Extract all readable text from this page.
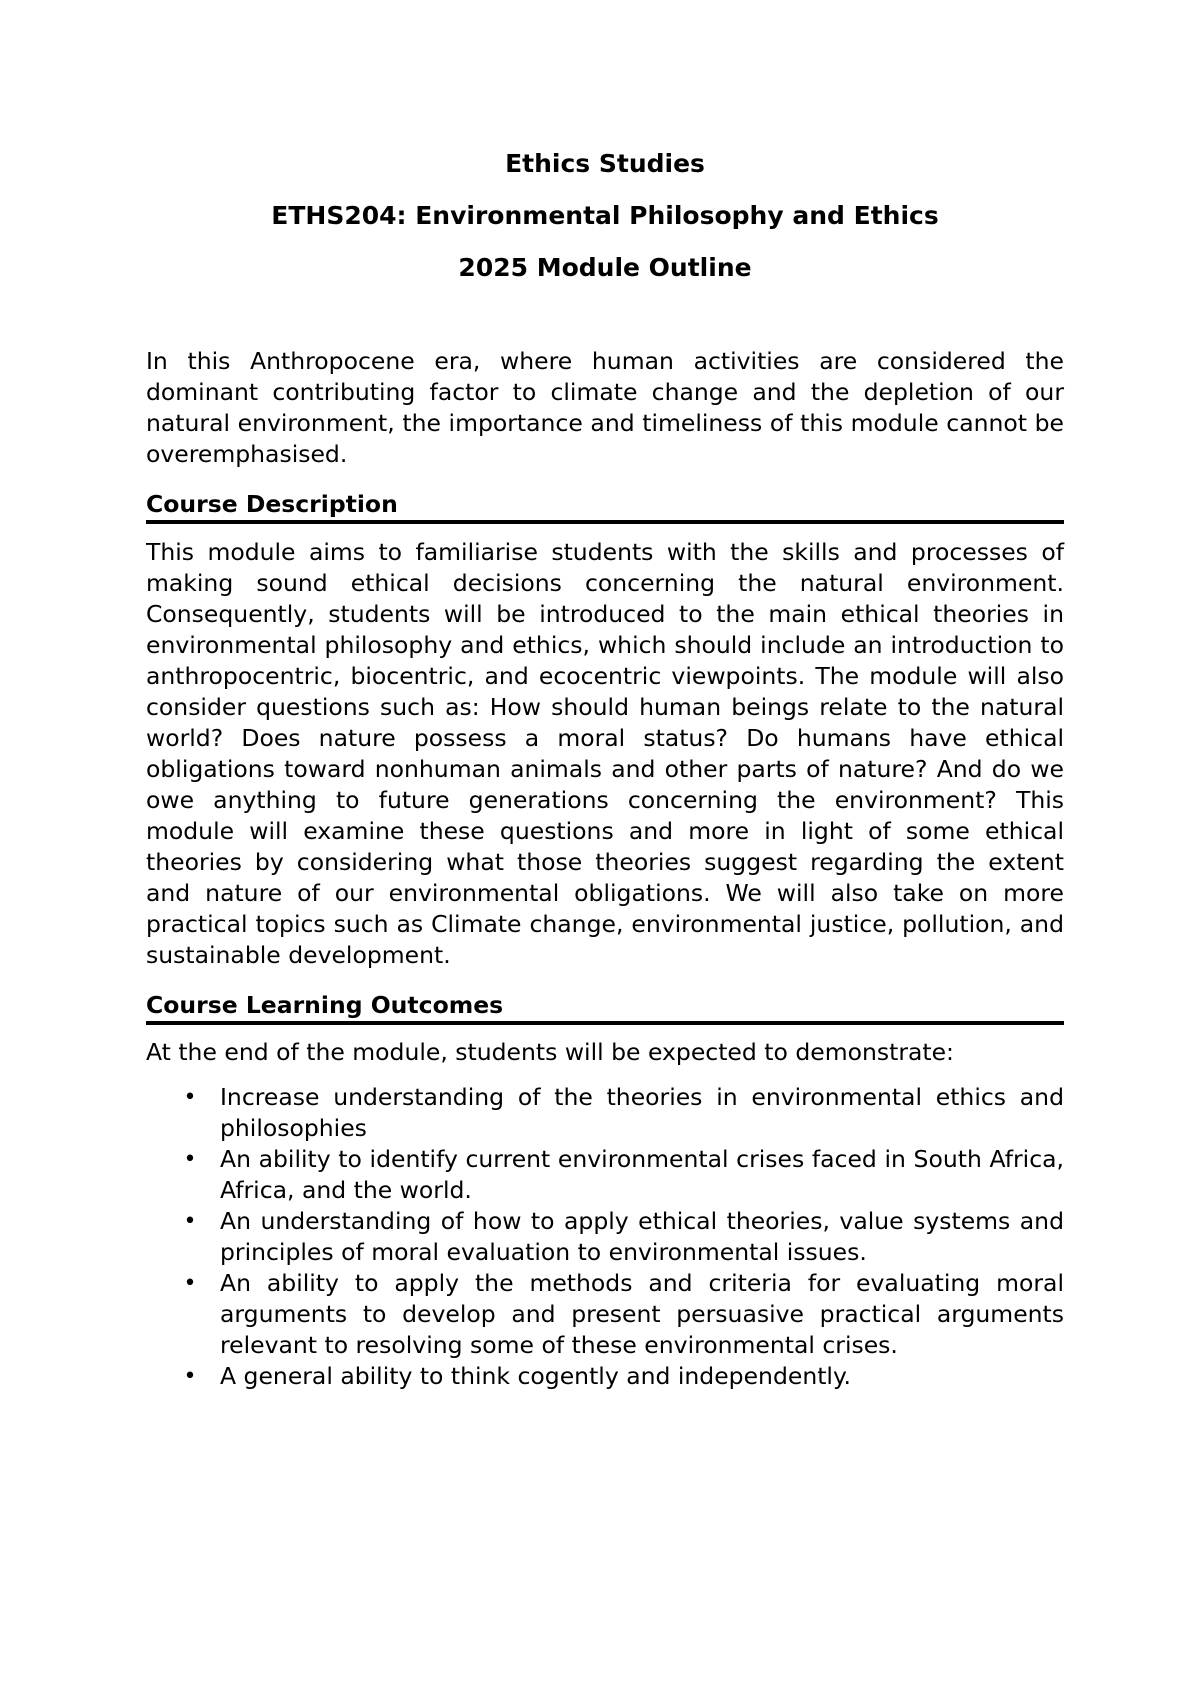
Ethics Studies

ETHS204: Environmental Philosophy and Ethics

2025 Module Outline

In this Anthropocene era, where human activities are considered the dominant contributing factor to climate change and the depletion of our natural environment, the importance and timeliness of this module cannot be overemphasised.

Course Description

This module aims to familiarise students with the skills and processes of making sound ethical decisions concerning the natural environment. Consequently, students will be introduced to the main ethical theories in environmental philosophy and ethics, which should include an introduction to anthropocentric, biocentric, and ecocentric viewpoints. The module will also consider questions such as: How should human beings relate to the natural world? Does nature possess a moral status? Do humans have ethical obligations toward nonhuman animals and other parts of nature? And do we owe anything to future generations concerning the environment? This module will examine these questions and more in light of some ethical theories by considering what those theories suggest regarding the extent and nature of our environmental obligations. We will also take on more practical topics such as Climate change, environmental justice, pollution, and sustainable development.

Course Learning Outcomes

At the end of the module, students will be expected to demonstrate:

• Increase understanding of the theories in environmental ethics and philosophies
• An ability to identify current environmental crises faced in South Africa, Africa, and the world.
• An understanding of how to apply ethical theories, value systems and principles of moral evaluation to environmental issues.
• An ability to apply the methods and criteria for evaluating moral arguments to develop and present persuasive practical arguments relevant to resolving some of these environmental crises.
• A general ability to think cogently and independently.
